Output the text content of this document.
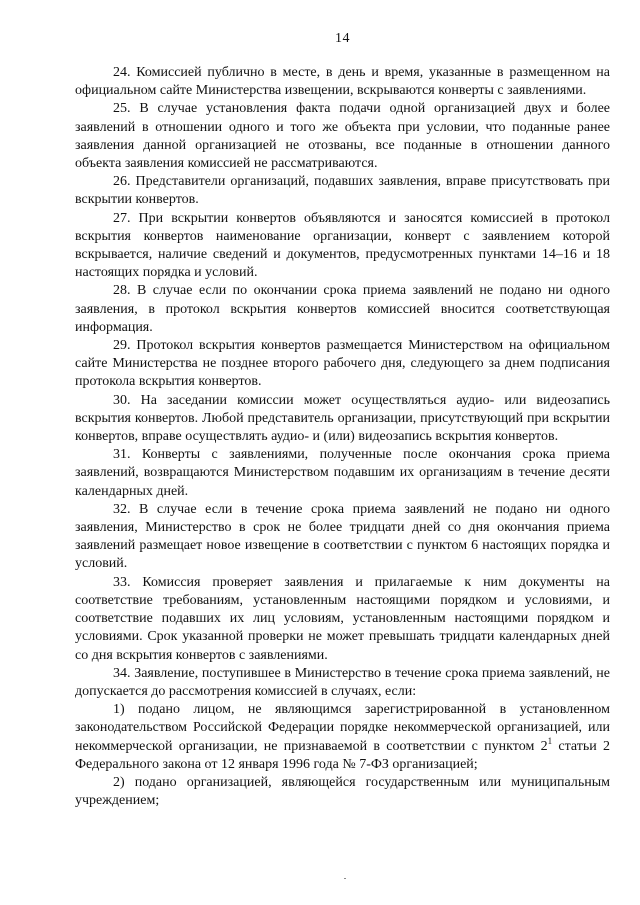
14

24. Комиссией публично в месте, в день и время, указанные в размещенном на официальном сайте Министерства извещении, вскрываются конверты с заявлениями.

25. В случае установления факта подачи одной организацией двух и более заявлений в отношении одного и того же объекта при условии, что поданные ранее заявления данной организацией не отозваны, все поданные в отношении данного объекта заявления комиссией не рассматриваются.

26. Представители организаций, подавших заявления, вправе присутствовать при вскрытии конвертов.

27. При вскрытии конвертов объявляются и заносятся комиссией в протокол вскрытия конвертов наименование организации, конверт с заявлением которой вскрывается, наличие сведений и документов, предусмотренных пунктами 14–16 и 18 настоящих порядка и условий.

28. В случае если по окончании срока приема заявлений не подано ни одного заявления, в протокол вскрытия конвертов комиссией вносится соответствующая информация.

29. Протокол вскрытия конвертов размещается Министерством на официальном сайте Министерства не позднее второго рабочего дня, следующего за днем подписания протокола вскрытия конвертов.

30. На заседании комиссии может осуществляться аудио- или видеозапись вскрытия конвертов. Любой представитель организации, присутствующий при вскрытии конвертов, вправе осуществлять аудио- и (или) видеозапись вскрытия конвертов.

31. Конверты с заявлениями, полученные после окончания срока приема заявлений, возвращаются Министерством подавшим их организациям в течение десяти календарных дней.

32. В случае если в течение срока приема заявлений не подано ни одного заявления, Министерство в срок не более тридцати дней со дня окончания приема заявлений размещает новое извещение в соответствии с пунктом 6 настоящих порядка и условий.

33. Комиссия проверяет заявления и прилагаемые к ним документы на соответствие требованиям, установленным настоящими порядком и условиями, и соответствие подавших их лиц условиям, установленным настоящими порядком и условиями. Срок указанной проверки не может превышать тридцати календарных дней со дня вскрытия конвертов с заявлениями.

34. Заявление, поступившее в Министерство в течение срока приема заявлений, не допускается до рассмотрения комиссией в случаях, если:

1) подано лицом, не являющимся зарегистрированной в установленном законодательством Российской Федерации порядке некоммерческой организацией, или некоммерческой организации, не признаваемой в соответствии с пунктом $2^1$ статьи 2 Федерального закона от 12 января 1996 года № 7-ФЗ организацией;

2) подано организацией, являющейся государственным или муниципальным учреждением;
